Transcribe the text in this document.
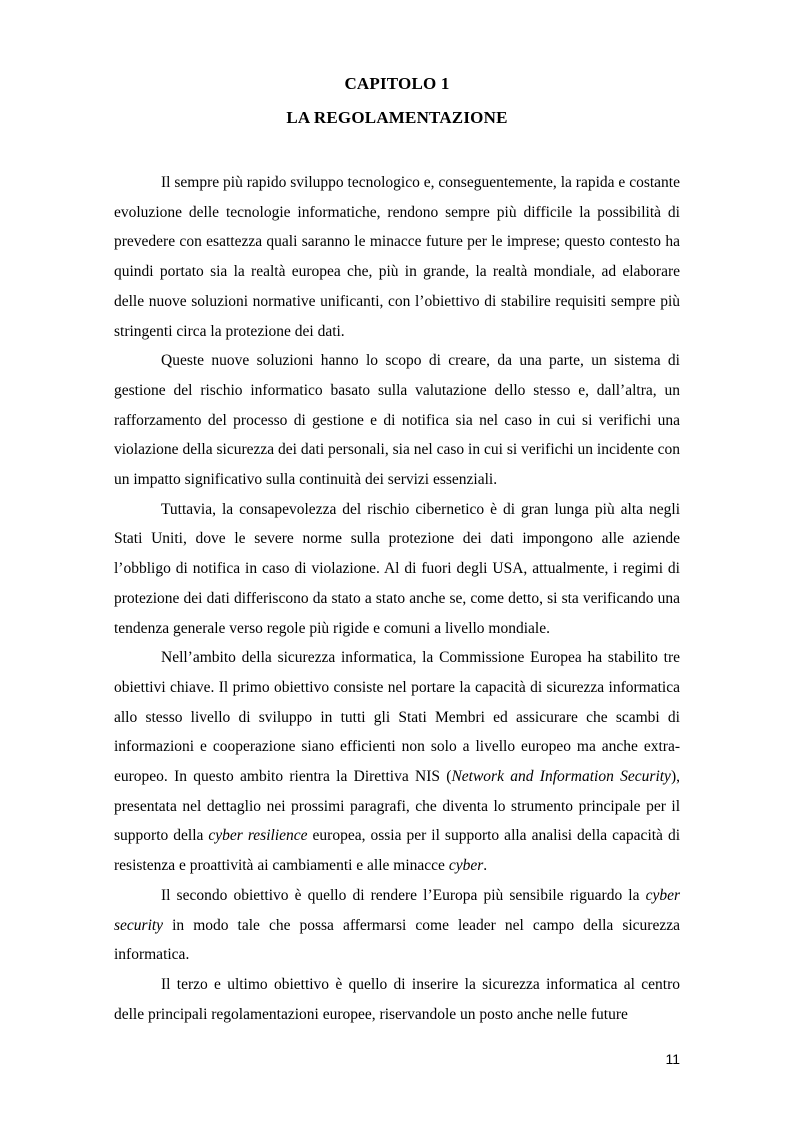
CAPITOLO 1
LA REGOLAMENTAZIONE

Il sempre più rapido sviluppo tecnologico e, conseguentemente, la rapida e costante evoluzione delle tecnologie informatiche, rendono sempre più difficile la possibilità di prevedere con esattezza quali saranno le minacce future per le imprese; questo contesto ha quindi portato sia la realtà europea che, più in grande, la realtà mondiale, ad elaborare delle nuove soluzioni normative unificanti, con l’obiettivo di stabilire requisiti sempre più stringenti circa la protezione dei dati.

Queste nuove soluzioni hanno lo scopo di creare, da una parte, un sistema di gestione del rischio informatico basato sulla valutazione dello stesso e, dall’altra, un rafforzamento del processo di gestione e di notifica sia nel caso in cui si verifichi una violazione della sicurezza dei dati personali, sia nel caso in cui si verifichi un incidente con un impatto significativo sulla continuità dei servizi essenziali.

Tuttavia, la consapevolezza del rischio cibernetico è di gran lunga più alta negli Stati Uniti, dove le severe norme sulla protezione dei dati impongono alle aziende l’obbligo di notifica in caso di violazione. Al di fuori degli USA, attualmente, i regimi di protezione dei dati differiscono da stato a stato anche se, come detto, si sta verificando una tendenza generale verso regole più rigide e comuni a livello mondiale.

Nell’ambito della sicurezza informatica, la Commissione Europea ha stabilito tre obiettivi chiave. Il primo obiettivo consiste nel portare la capacità di sicurezza informatica allo stesso livello di sviluppo in tutti gli Stati Membri ed assicurare che scambi di informazioni e cooperazione siano efficienti non solo a livello europeo ma anche extra-europeo. In questo ambito rientra la Direttiva NIS (Network and Information Security), presentata nel dettaglio nei prossimi paragrafi, che diventa lo strumento principale per il supporto della cyber resilience europea, ossia per il supporto alla analisi della capacità di resistenza e proattività ai cambiamenti e alle minacce cyber.

Il secondo obiettivo è quello di rendere l’Europa più sensibile riguardo la cyber security in modo tale che possa affermarsi come leader nel campo della sicurezza informatica.

Il terzo e ultimo obiettivo è quello di inserire la sicurezza informatica al centro delle principali regolamentazioni europee, riservandole un posto anche nelle future

11
